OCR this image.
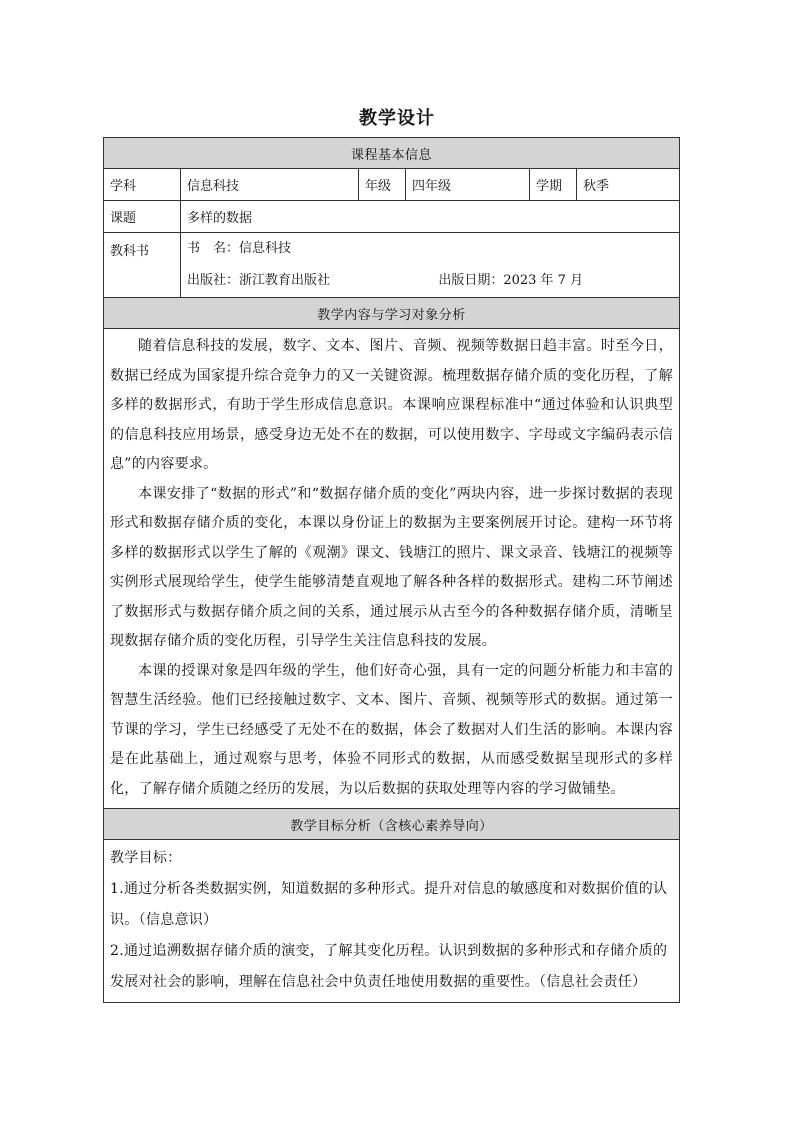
教学设计
课程基本信息					
学科	信息科技	年级	四年级	学期	秋季
课题	多样的数据				
教科书	书　名：信息科技
出版社：浙江教育出版社 出版日期：2023 年 7 月				

教学内容与学习对象分析					

随着信息科技的发展，数字、文本、图片、音频、视频等数据日趋丰富。时至今日，数据已经成为国家提升综合竞争力的又一关键资源。梳理数据存储介质的变化历程，了解多样的数据形式，有助于学生形成信息意识。本课响应课程标准中“通过体验和认识典型的信息科技应用场景，感受身边无处不在的数据，可以使用数字、字母或文字编码表示信息”的内容要求。

本课安排了“数据的形式”和“数据存储介质的变化”两块内容，进一步探讨数据的表现形式和数据存储介质的变化，本课以身份证上的数据为主要案例展开讨论。建构一环节将多样的数据形式以学生了解的《观潮》课文、钱塘江的照片、课文录音、钱塘江的视频等实例形式展现给学生，使学生能够清楚直观地了解各种各样的数据形式。建构二环节阐述了数据形式与数据存储介质之间的关系，通过展示从古至今的各种数据存储介质，清晰呈现数据存储介质的变化历程，引导学生关注信息科技的发展。

本课的授课对象是四年级的学生，他们好奇心强，具有一定的问题分析能力和丰富的智慧生活经验。他们已经接触过数字、文本、图片、音频、视频等形式的数据。通过第一节课的学习，学生已经感受了无处不在的数据，体会了数据对人们生活的影响。本课内容是在此基础上，通过观察与思考，体验不同形式的数据，从而感受数据呈现形式的多样化，了解存储介质随之经历的发展，为以后数据的获取处理等内容的学习做铺垫。					

教学目标分析（含核心素养导向）					

教学目标：

1.通过分析各类数据实例，知道数据的多种形式。提升对信息的敏感度和对数据价值的认识。（信息意识）

2.通过追溯数据存储介质的演变，了解其变化历程。认识到数据的多种形式和存储介质的发展对社会的影响，理解在信息社会中负责任地使用数据的重要性。（信息社会责任）					
